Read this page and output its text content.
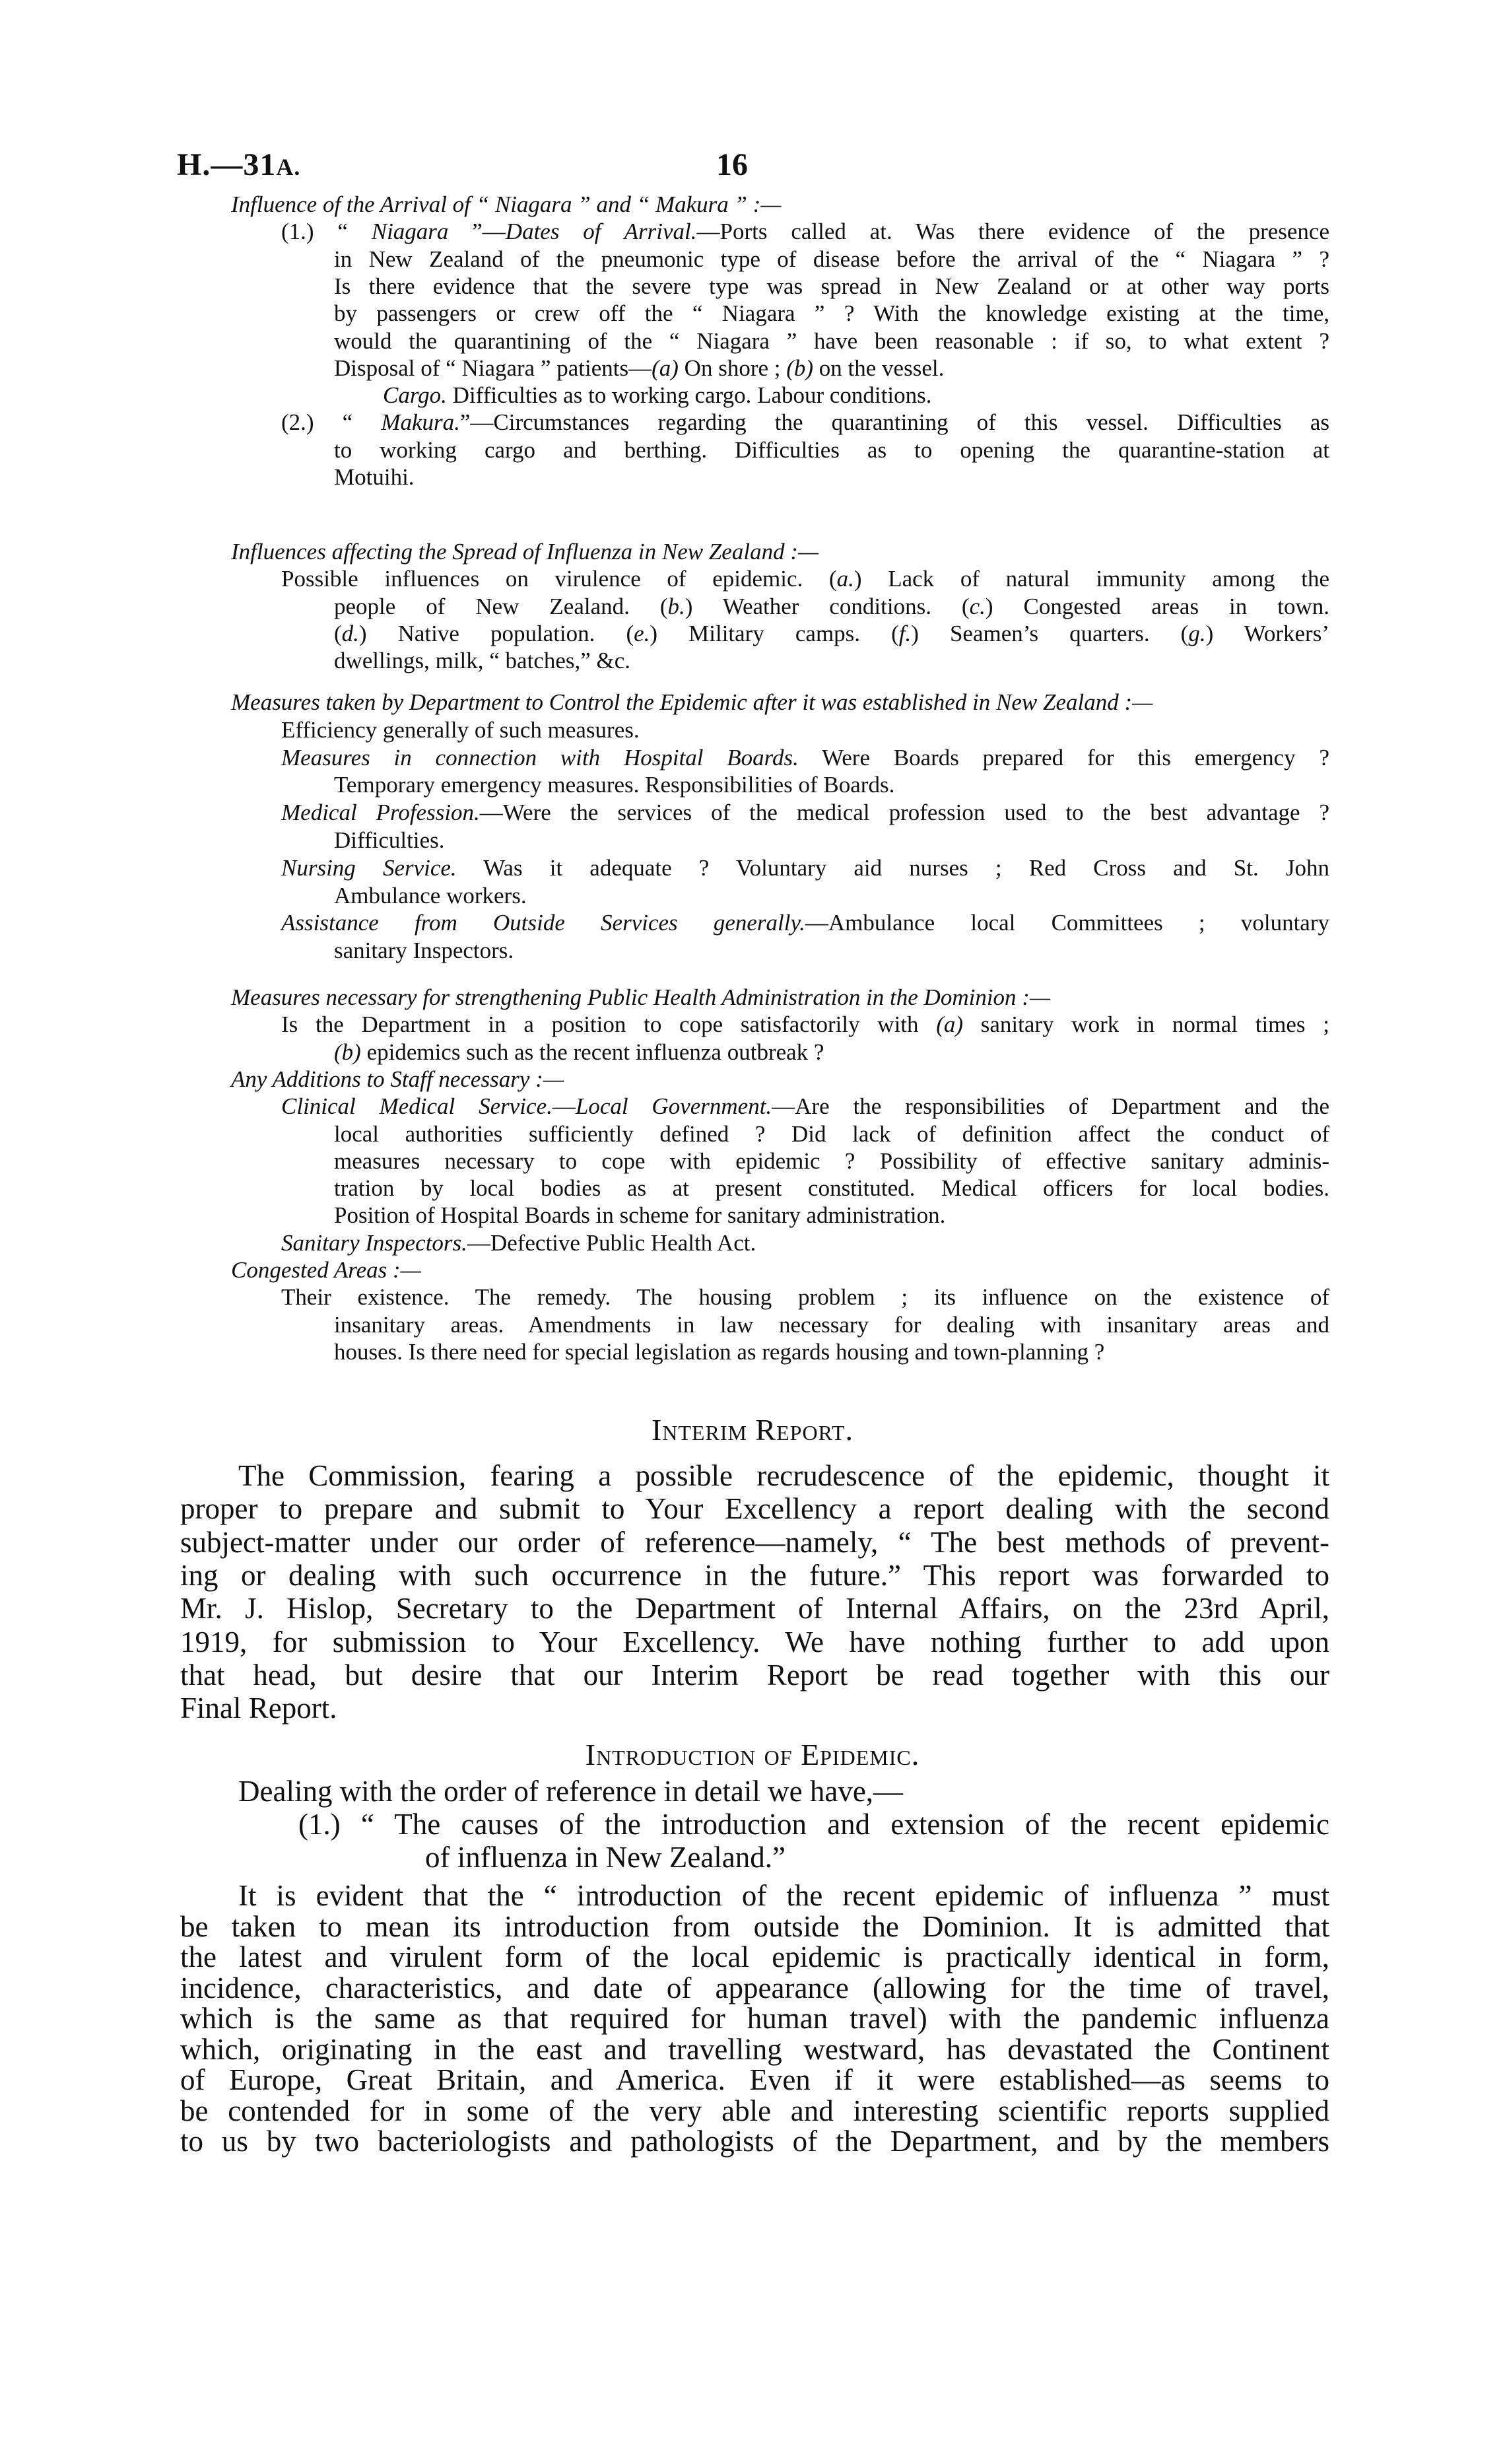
H.—31A.	16
Influence of the Arrival of “ Niagara ” and “ Makura ” :—
(1.) “ Niagara ”—Dates of Arrival.—Ports called at. Was there evidence of the presence
in New Zealand of the pneumonic type of disease before the arrival of the “ Niagara ” ?
Is there evidence that the severe type was spread in New Zealand or at other way ports
by passengers or crew off the “ Niagara ” ? With the knowledge existing at the time,
would the quarantining of the “ Niagara ” have been reasonable : if so, to what extent ?
Disposal of “ Niagara ” patients—(a) On shore ; (b) on the vessel.
Cargo. Difficulties as to working cargo. Labour conditions.
(2.) “ Makura.”—Circumstances regarding the quarantining of this vessel. Difficulties as
to working cargo and berthing. Difficulties as to opening the quarantine-station at
Motuihi.
Influences affecting the Spread of Influenza in New Zealand :—
Possible influences on virulence of epidemic. (a.) Lack of natural immunity among the
people of New Zealand. (b.) Weather conditions. (c.) Congested areas in town.
(d.) Native population. (e.) Military camps. (f.) Seamen’s quarters. (g.) Workers’
dwellings, milk, “ batches,” &c.
Measures taken by Department to Control the Epidemic after it was established in New Zealand :—
Efficiency generally of such measures.
Measures in connection with Hospital Boards. Were Boards prepared for this emergency ?
Temporary emergency measures. Responsibilities of Boards.
Medical Profession.—Were the services of the medical profession used to the best advantage ?
Difficulties.
Nursing Service. Was it adequate ? Voluntary aid nurses ; Red Cross and St. John
Ambulance workers.
Assistance from Outside Services generally.—Ambulance local Committees ; voluntary
sanitary Inspectors.
Measures necessary for strengthening Public Health Administration in the Dominion :—
Is the Department in a position to cope satisfactorily with (a) sanitary work in normal times ;
(b) epidemics such as the recent influenza outbreak ?
Any Additions to Staff necessary :—
Clinical Medical Service.—Local Government.—Are the responsibilities of Department and the
local authorities sufficiently defined ? Did lack of definition affect the conduct of
measures necessary to cope with epidemic ? Possibility of effective sanitary adminis-
tration by local bodies as at present constituted. Medical officers for local bodies.
Position of Hospital Boards in scheme for sanitary administration.
Sanitary Inspectors.—Defective Public Health Act.
Congested Areas :—
Their existence. The remedy. The housing problem ; its influence on the existence of
insanitary areas. Amendments in law necessary for dealing with insanitary areas and
houses. Is there need for special legislation as regards housing and town-planning ?
Interim Report.
The Commission, fearing a possible recrudescence of the epidemic, thought it
proper to prepare and submit to Your Excellency a report dealing with the second
subject-matter under our order of reference—namely, “ The best methods of prevent-
ing or dealing with such occurrence in the future.” This report was forwarded to
Mr. J. Hislop, Secretary to the Department of Internal Affairs, on the 23rd April,
1919, for submission to Your Excellency. We have nothing further to add upon
that head, but desire that our Interim Report be read together with this our
Final Report.
Introduction of Epidemic.
Dealing with the order of reference in detail we have,—
(1.) “ The causes of the introduction and extension of the recent epidemic
of influenza in New Zealand.”
It is evident that the “ introduction of the recent epidemic of influenza ” must
be taken to mean its introduction from outside the Dominion. It is admitted that
the latest and virulent form of the local epidemic is practically identical in form,
incidence, characteristics, and date of appearance (allowing for the time of travel,
which is the same as that required for human travel) with the pandemic influenza
which, originating in the east and travelling westward, has devastated the Continent
of Europe, Great Britain, and America. Even if it were established—as seems to
be contended for in some of the very able and interesting scientific reports supplied
to us by two bacteriologists and pathologists of the Department, and by the members
